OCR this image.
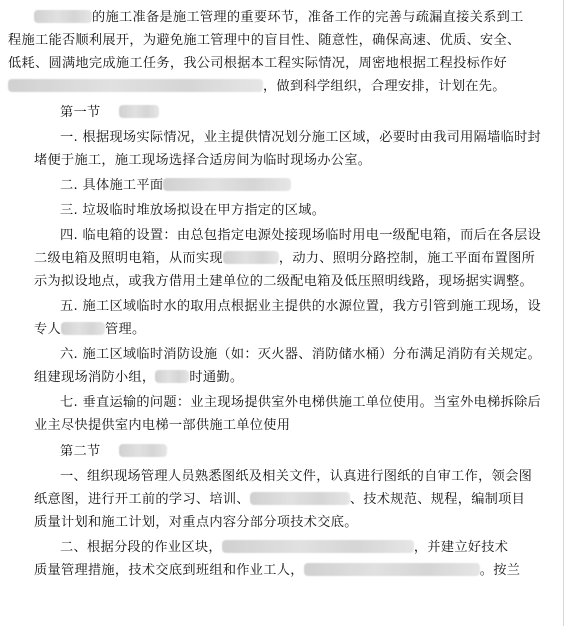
的施工准备是施工管理的重要环节，准备工作的完善与疏漏直接关系到工
程施工能否顺利展开，为避免施工管理中的盲目性、随意性，确保高速、优质、安全、
低耗、圆满地完成施工任务，我公司根据本工程实际情况，周密地根据工程投标作好
，做到科学组织，合理安排，计划在先。
第一节
一. 根据现场实际情况，业主提供情况划分施工区域，必要时由我司用隔墙临时封
堵便于施工，施工现场选择合适房间为临时现场办公室。
二. 具体施工平面
三. 垃圾临时堆放场拟设在甲方指定的区域。
四. 临电箱的设置：由总包指定电源处接现场临时用电一级配电箱，而后在各层设
二级电箱及照明电箱，从而实现	，动力、照明分路控制，施工平面布置图所
示为拟设地点，或我方借用土建单位的二级配电箱及低压照明线路，现场据实调整。
五. 施工区域临时水的取用点根据业主提供的水源位置，我方引管到施工现场，设
专人	管理。
六. 施工区域临时消防设施（如：灭火器、消防储水桶）分布满足消防有关规定。
组建现场消防小组，	时通勤。
七. 垂直运输的问题：业主现场提供室外电梯供施工单位使用。当室外电梯拆除后
业主尽快提供室内电梯一部供施工单位使用
第二节
一、组织现场管理人员熟悉图纸及相关文件，认真进行图纸的自审工作，领会图
纸意图，进行开工前的学习、培训、	、技术规范、规程，编制项目
质量计划和施工计划，对重点内容分部分项技术交底。
二、根据分段的作业区块，	，并建立好技术
质量管理措施，技术交底到班组和作业工人，	。按兰
